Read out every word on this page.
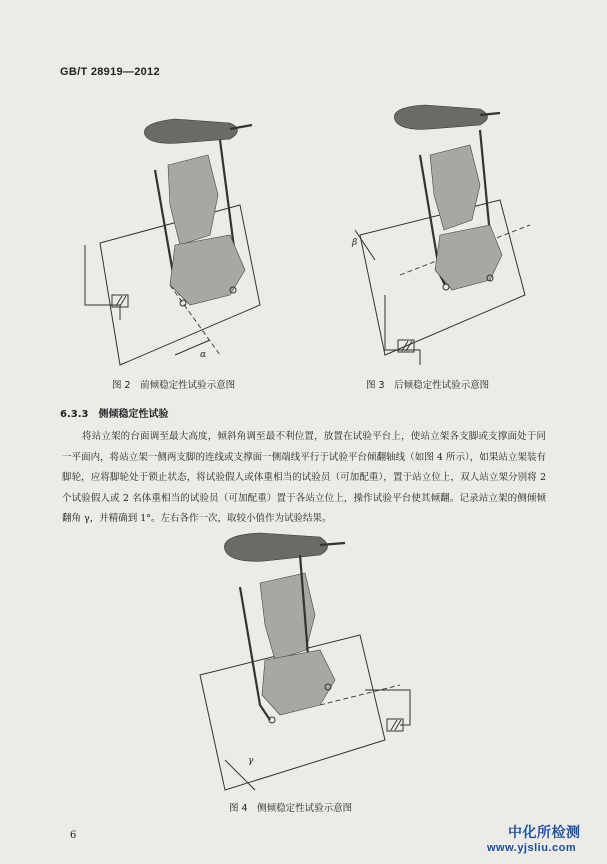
GB/T 28919—2012
α
图 2　前倾稳定性试验示意图
β
图 3　后倾稳定性试验示意图
6.3.3　侧倾稳定性试验

将站立架的台面调至最大高度，倾斜角调至最不利位置，放置在试验平台上，使站立架各支脚或支撑面处于同一平面内，将站立架一侧两支脚的连线或支撑面一侧端线平行于试验平台倾翻轴线（如图 4 所示），如果站立架装有脚轮，应将脚轮处于锁止状态，将试验假人或体重相当的试验员（可加配重），置于站立位上，双人站立架分别将 2 个试验假人或 2 名体重相当的试验员（可加配重）置于各站立位上，操作试验平台使其倾翻。记录站立架的侧倾倾翻角 γ，并精确到 1°。左右各作一次，取较小值作为试验结果。

γ
图 4　侧倾稳定性试验示意图
6	中化所检测
www.yjsliu.com
